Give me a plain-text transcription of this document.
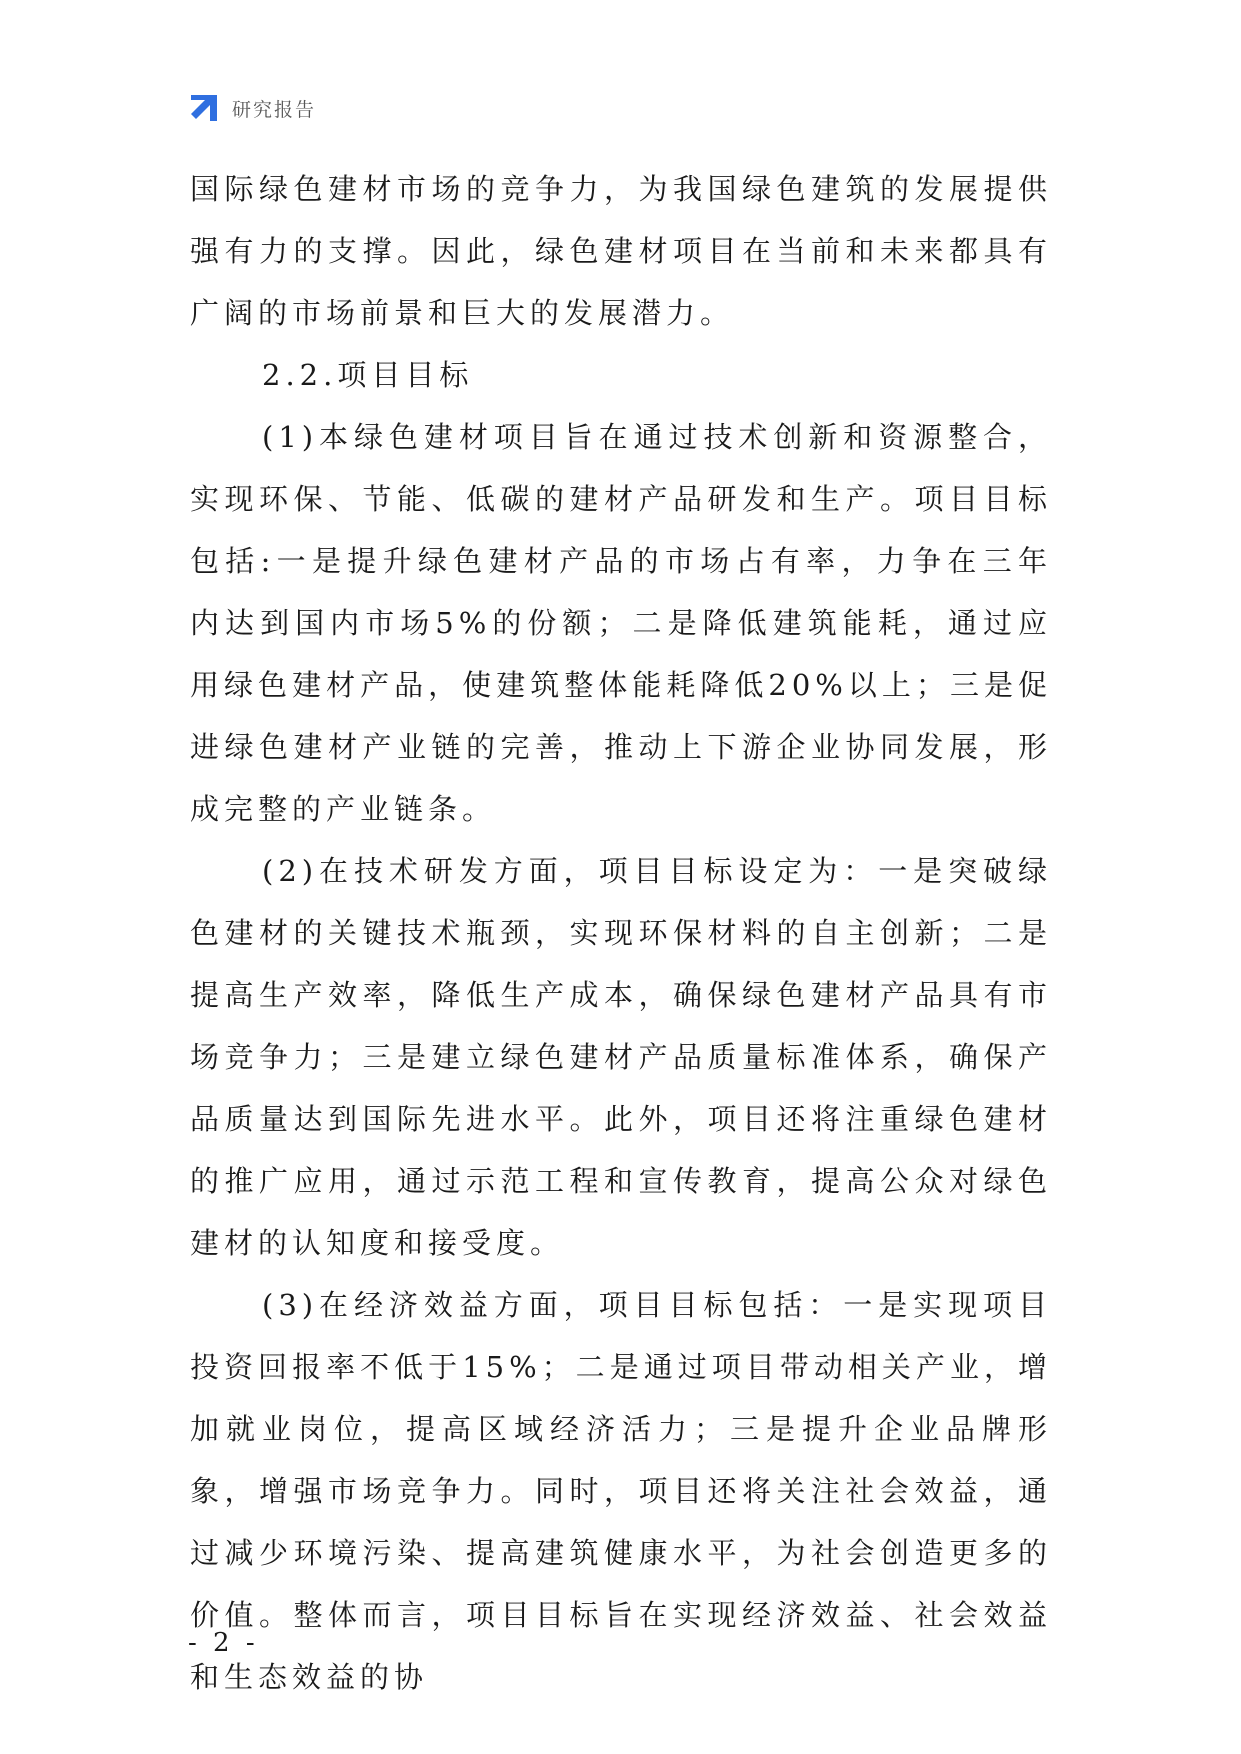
研究报告

国际绿色建材市场的竞争力，为我国绿色建筑的发展提供强有力的支撑。因此，绿色建材项目在当前和未来都具有广阔的市场前景和巨大的发展潜力。

2.2.项目目标

(1)本绿色建材项目旨在通过技术创新和资源整合，实现环保、节能、低碳的建材产品研发和生产。项目目标包括:一是提升绿色建材产品的市场占有率，力争在三年内达到国内市场5%的份额；二是降低建筑能耗，通过应用绿色建材产品，使建筑整体能耗降低20%以上；三是促进绿色建材产业链的完善，推动上下游企业协同发展，形成完整的产业链条。

(2)在技术研发方面，项目目标设定为：一是突破绿色建材的关键技术瓶颈，实现环保材料的自主创新；二是提高生产效率，降低生产成本，确保绿色建材产品具有市场竞争力；三是建立绿色建材产品质量标准体系，确保产品质量达到国际先进水平。此外，项目还将注重绿色建材的推广应用，通过示范工程和宣传教育，提高公众对绿色建材的认知度和接受度。

(3)在经济效益方面，项目目标包括：一是实现项目投资回报率不低于15%；二是通过项目带动相关产业，增加就业岗位，提高区域经济活力；三是提升企业品牌形象，增强市场竞争力。同时，项目还将关注社会效益，通过减少环境污染、提高建筑健康水平，为社会创造更多的价值。整体而言，项目目标旨在实现经济效益、社会效益和生态效益的协

- 2 -
